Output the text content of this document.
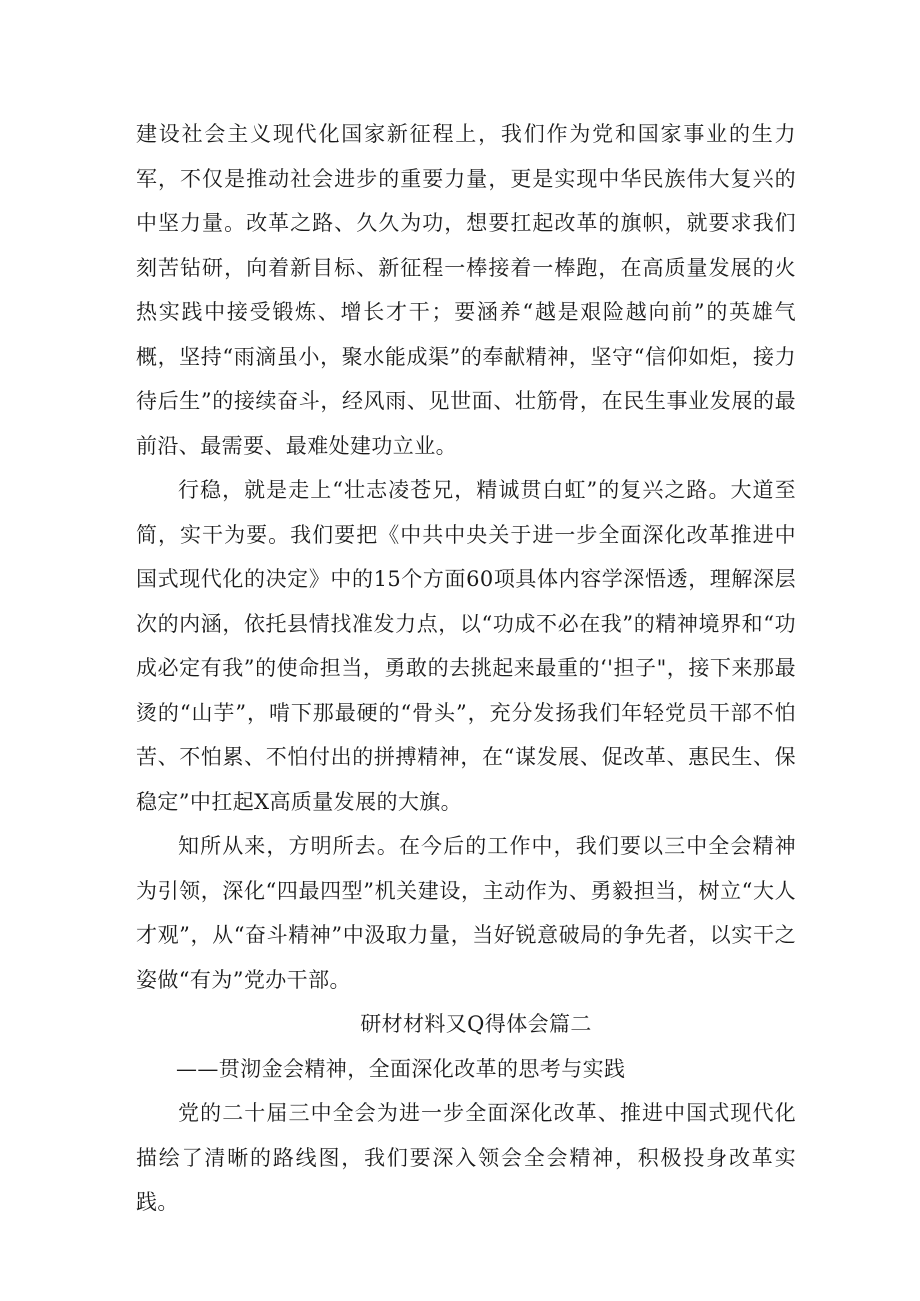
建设社会主义现代化国家新征程上，我们作为党和国家事业的生力军，不仅是推动社会进步的重要力量，更是实现中华民族伟大复兴的中坚力量。改革之路、久久为功，想要扛起改革的旗帜，就要求我们刻苦钻研，向着新目标、新征程一棒接着一棒跑，在高质量发展的火热实践中接受锻炼、增长才干；要涵养“越是艰险越向前”的英雄气概，坚持“雨滴虽小，聚水能成渠”的奉献精神，坚守“信仰如炬，接力待后生”的接续奋斗，经风雨、见世面、壮筋骨，在民生事业发展的最前沿、最需要、最难处建功立业。

行稳，就是走上“壮志凌苍兄，精诚贯白虹”的复兴之路。大道至简，实干为要。我们要把《中共中央关于进一步全面深化改革推进中国式现代化的决定》中的15个方面60项具体内容学深悟透，理解深层次的内涵，依托县情找准发力点，以“功成不必在我”的精神境界和“功成必定有我”的使命担当，勇敢的去挑起来最重的‘'担子"，接下来那最烫的“山芋”，啃下那最硬的“骨头”，充分发扬我们年轻党员干部不怕苦、不怕累、不怕付出的拼搏精神，在“谋发展、促改革、惠民生、保稳定”中扛起X高质量发展的大旗。

知所从来，方明所去。在今后的工作中，我们要以三中全会精神为引领，深化“四最四型”机关建设，主动作为、勇毅担当，树立“大人才观”，从“奋斗精神”中汲取力量，当好锐意破局的争先者，以实干之姿做“有为”党办干部。

研材材料又Q得体会篇二

——贯沏金会精神，全面深化改革的思考与实践

党的二十届三中全会为进一步全面深化改革、推进中国式现代化描绘了清晰的路线图，我们要深入领会全会精神，积极投身改革实践。
